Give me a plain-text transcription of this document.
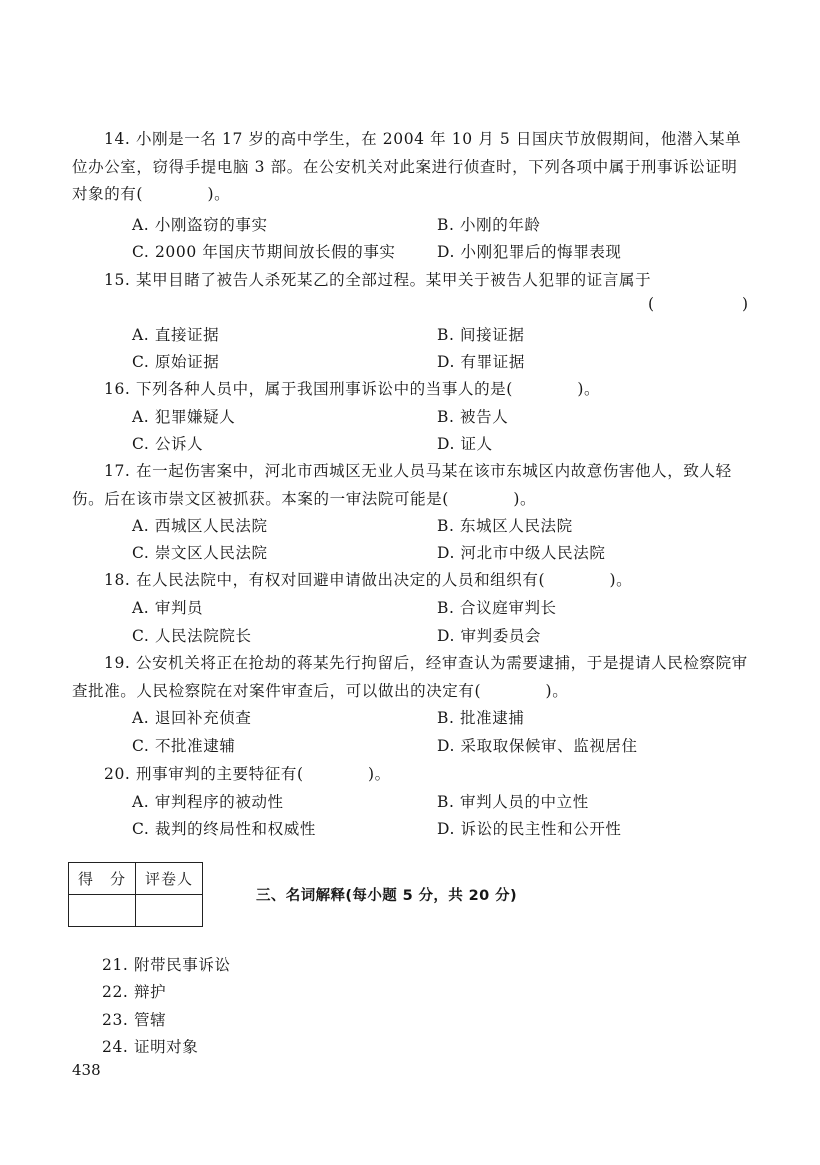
14. 小刚是一名 17 岁的高中学生，在 2004 年 10 月 5 日国庆节放假期间，他潜入某单位办公室，窃得手提电脑 3 部。在公安机关对此案进行侦查时，下列各项中属于刑事诉讼证明对象的有(　　　　)。
A. 小刚盗窃的事实	B. 小刚的年龄
C. 2000 年国庆节期间放长假的事实	D. 小刚犯罪后的悔罪表现
15. 某甲目睹了被告人杀死某乙的全部过程。某甲关于被告人犯罪的证言属于
(	)
A. 直接证据	B. 间接证据
C. 原始证据	D. 有罪证据
16. 下列各种人员中，属于我国刑事诉讼中的当事人的是(　　　　)。
A. 犯罪嫌疑人	B. 被告人
C. 公诉人	D. 证人
17. 在一起伤害案中，河北市西城区无业人员马某在该市东城区内故意伤害他人，致人轻伤。后在该市崇文区被抓获。本案的一审法院可能是(　　　　)。
A. 西城区人民法院	B. 东城区人民法院
C. 崇文区人民法院	D. 河北市中级人民法院
18. 在人民法院中，有权对回避申请做出决定的人员和组织有(　　　　)。
A. 审判员	B. 合议庭审判长
C. 人民法院院长	D. 审判委员会
19. 公安机关将正在抢劫的蒋某先行拘留后，经审查认为需要逮捕，于是提请人民检察院审查批准。人民检察院在对案件审查后，可以做出的决定有(　　　　)。
A. 退回补充侦查	B. 批准逮捕
C. 不批准逮辅	D. 采取取保候审、监视居住
20. 刑事审判的主要特征有(　　　　)。
A. 审判程序的被动性	B. 审判人员的中立性
C. 裁判的终局性和权威性	D. 诉讼的民主性和公开性
得　分	评卷人

三、名词解释(每小题 5 分，共 20 分)
21. 附带民事诉讼
22. 辩护
23. 管辖
24. 证明对象
438
